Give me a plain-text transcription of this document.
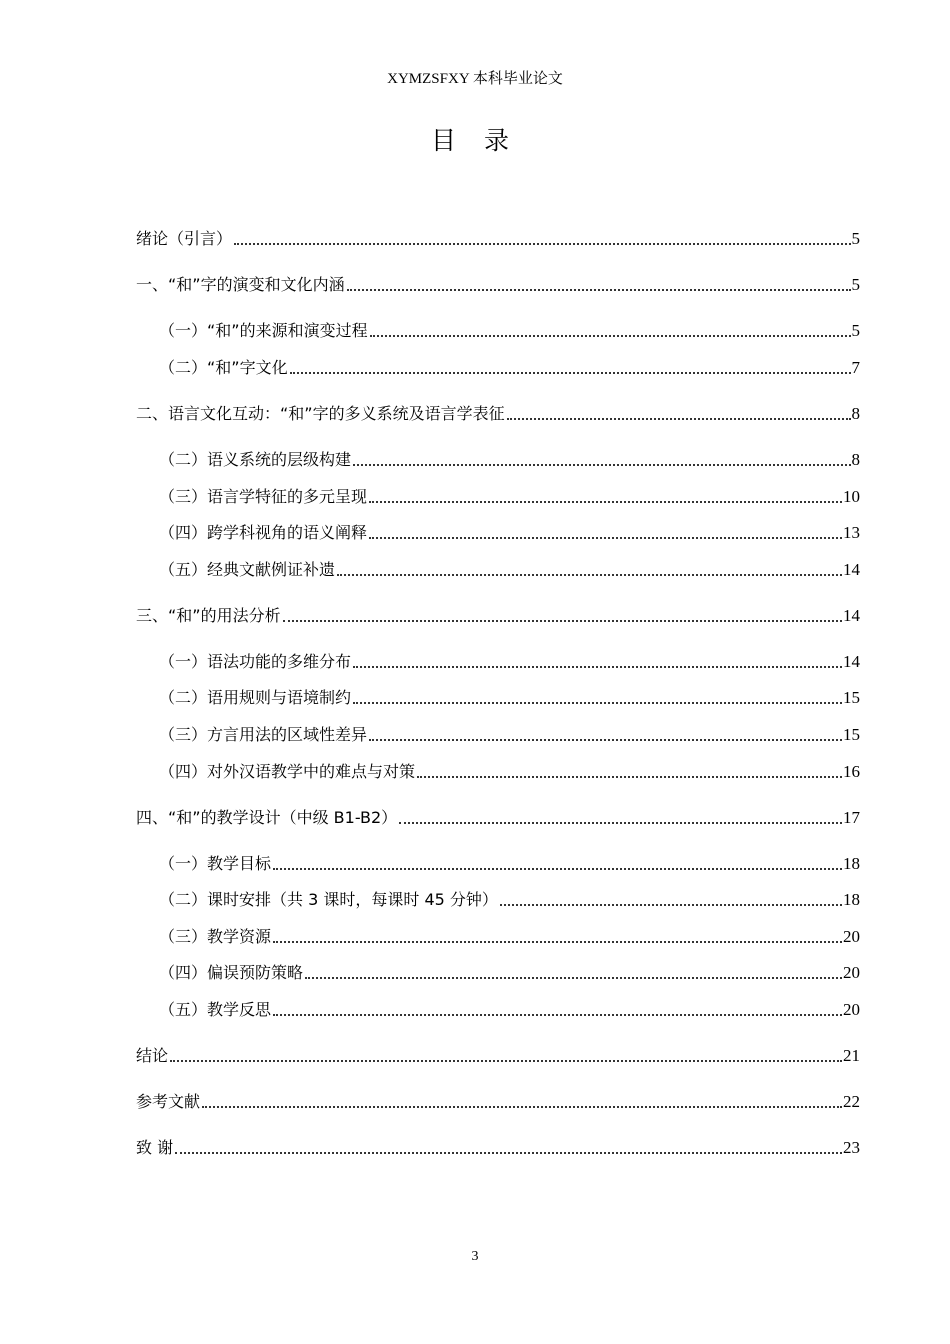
XYMZSFXY 本科毕业论文
目 录
绪论（引言）	5
一、“和”字的演变和文化内涵	5
（一）“和”的来源和演变过程	5
（二）“和”字文化	7
二、语言文化互动：“和”字的多义系统及语言学表征	8
（二）语义系统的层级构建	8
（三）语言学特征的多元呈现	10
（四）跨学科视角的语义阐释	13
（五）经典文献例证补遗	14
三、“和”的用法分析	14
（一）语法功能的多维分布	14
（二）语用规则与语境制约	15
（三）方言用法的区域性差异	15
（四）对外汉语教学中的难点与对策	16
四、“和”的教学设计（中级 B1-B2）	17
（一）教学目标	18
（二）课时安排（共 3 课时，每课时 45 分钟）	18
（三）教学资源	20
（四）偏误预防策略	20
（五）教学反思	20
结论	21
参考文献	22
致 谢	23
3
